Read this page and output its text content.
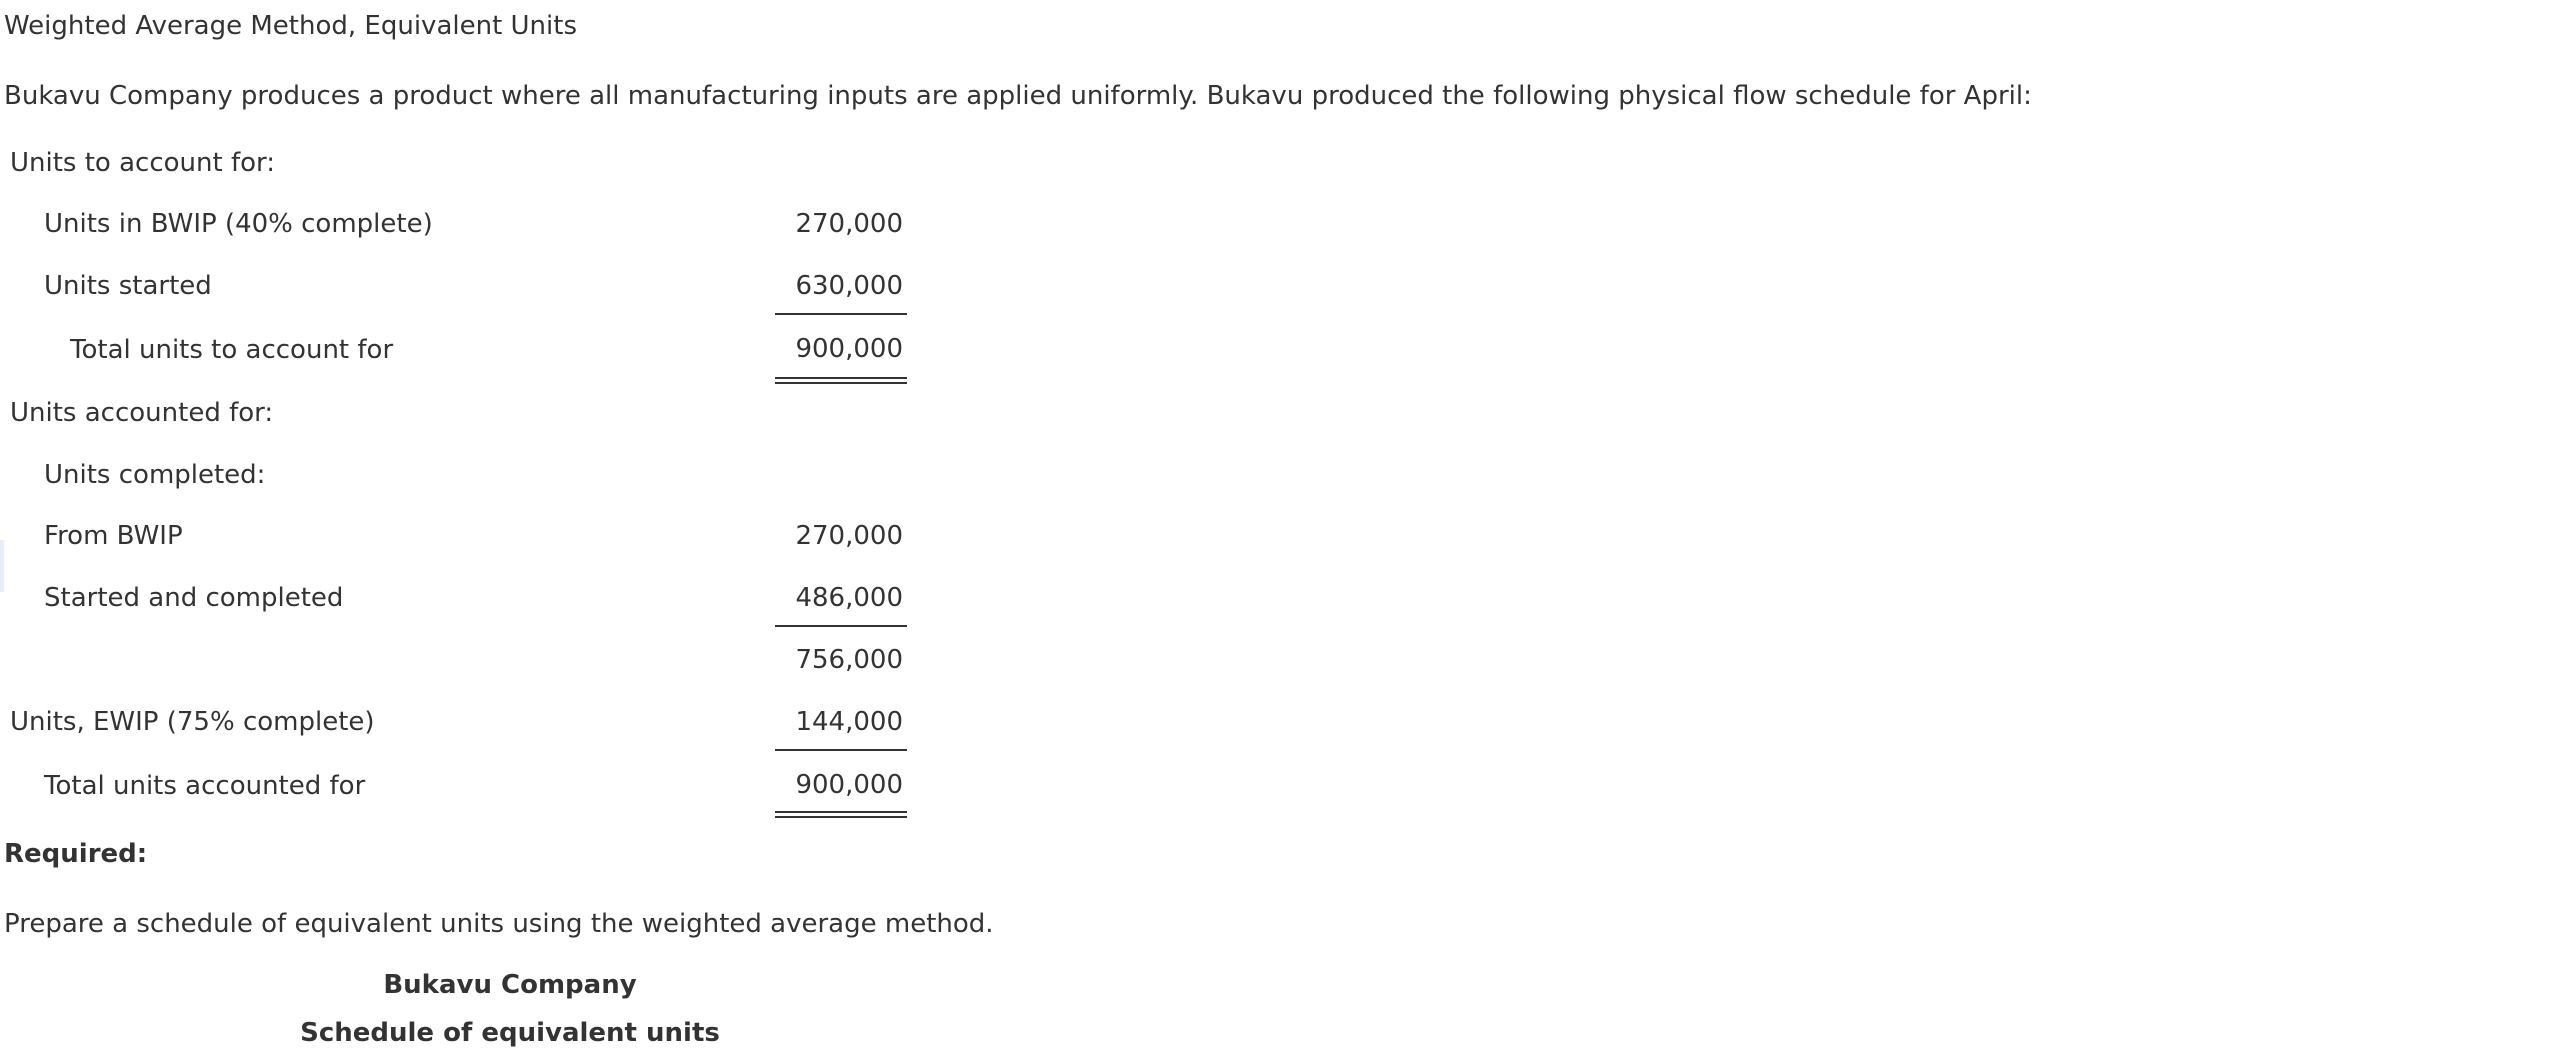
Weighted Average Method, Equivalent Units
Bukavu Company produces a product where all manufacturing inputs are applied uniformly. Bukavu produced the following physical flow schedule for April:
Units to account for:
Units in BWIP (40% complete)	270,000
Units started	630,000
Total units to account for	900,000
Units accounted for:
Units completed:
From BWIP	270,000
Started and completed	486,000
756,000
Units, EWIP (75% complete)	144,000
Total units accounted for	900,000
Required:
Prepare a schedule of equivalent units using the weighted average method.
Bukavu Company
Schedule of equivalent units
